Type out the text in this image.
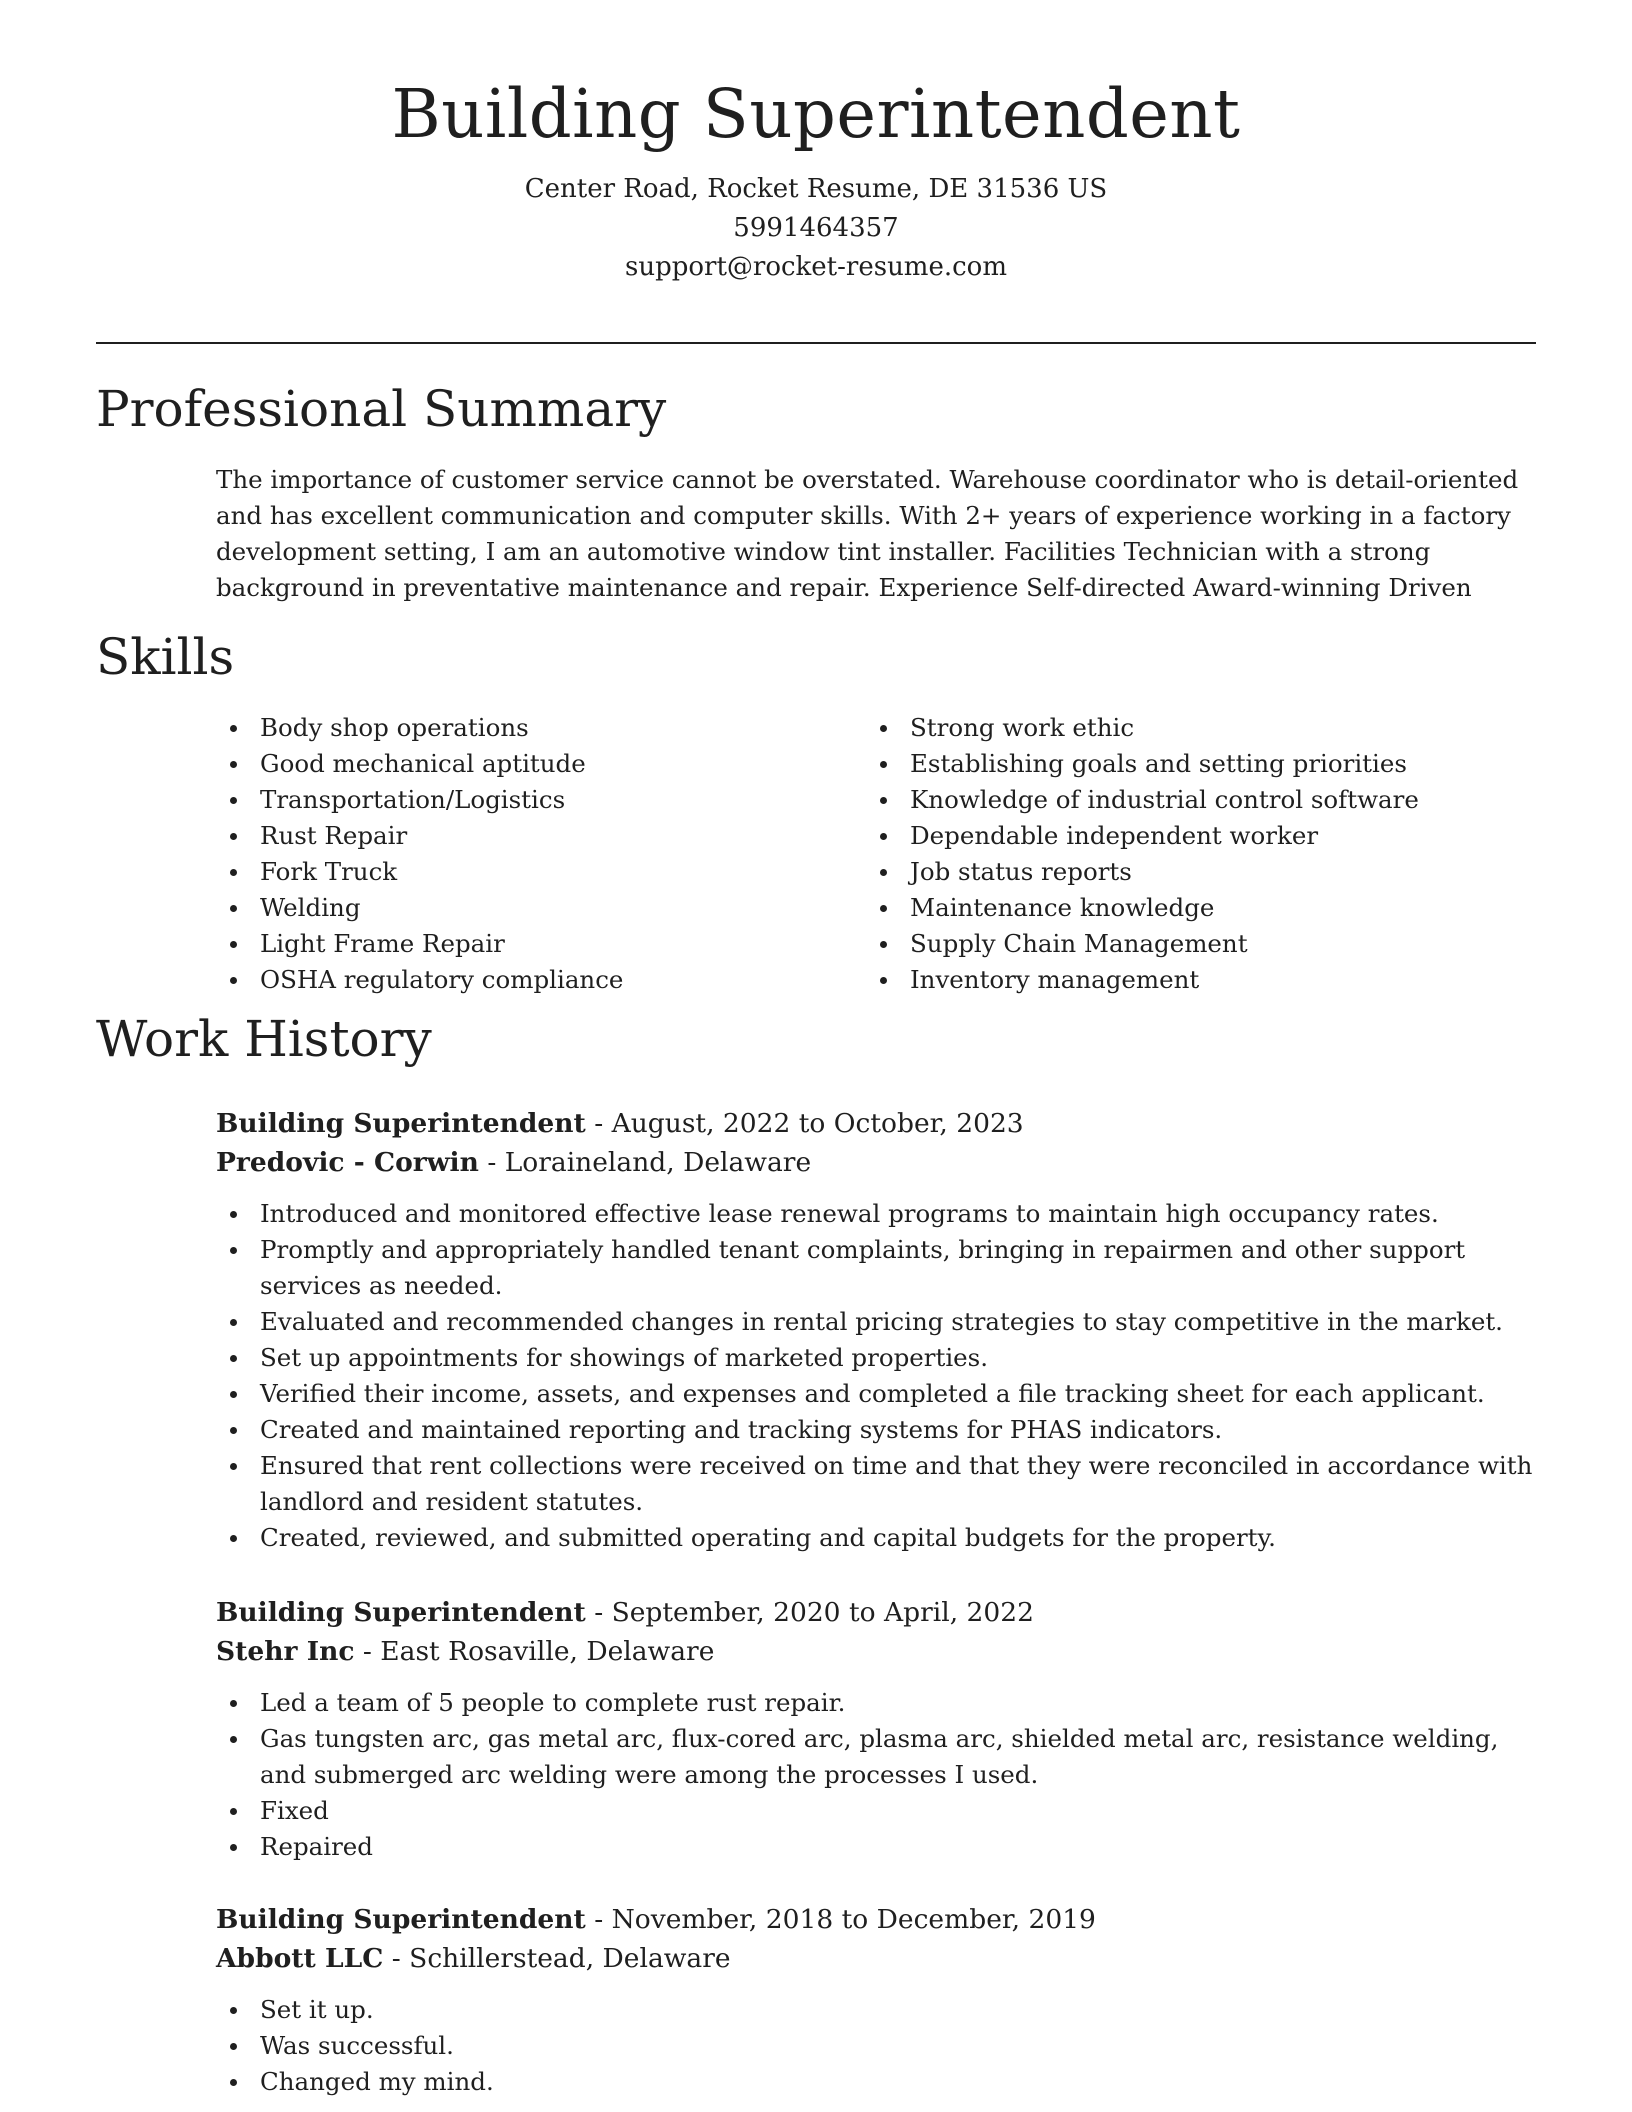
Building Superintendent
Center Road, Rocket Resume, DE 31536 US
5991464357
support@rocket-resume.com
Professional Summary

The importance of customer service cannot be overstated. Warehouse coordinator who is detail-oriented and has excellent communication and computer skills. With 2+ years of experience working in a factory development setting, I am an automotive window tint installer. Facilities Technician with a strong background in preventative maintenance and repair. Experience Self-directed Award-winning Driven

Skills
Body shop operations
Good mechanical aptitude
Transportation/Logistics
Rust Repair
Fork Truck
Welding
Light Frame Repair
OSHA regulatory compliance
Strong work ethic
Establishing goals and setting priorities
Knowledge of industrial control software
Dependable independent worker
Job status reports
Maintenance knowledge
Supply Chain Management
Inventory management
Work History
Building Superintendent - August, 2022 to October, 2023
Predovic - Corwin - Loraineland, Delaware
Introduced and monitored effective lease renewal programs to maintain high occupancy rates.
Promptly and appropriately handled tenant complaints, bringing in repairmen and other support services as needed.
Evaluated and recommended changes in rental pricing strategies to stay competitive in the market.
Set up appointments for showings of marketed properties.
Verified their income, assets, and expenses and completed a file tracking sheet for each applicant.
Created and maintained reporting and tracking systems for PHAS indicators.
Ensured that rent collections were received on time and that they were reconciled in accordance with landlord and resident statutes.
Created, reviewed, and submitted operating and capital budgets for the property.
Building Superintendent - September, 2020 to April, 2022
Stehr Inc - East Rosaville, Delaware
Led a team of 5 people to complete rust repair.
Gas tungsten arc, gas metal arc, flux-cored arc, plasma arc, shielded metal arc, resistance welding, and submerged arc welding were among the processes I used.
Fixed
Repaired
Building Superintendent - November, 2018 to December, 2019
Abbott LLC - Schillerstead, Delaware
Set it up.
Was successful.
Changed my mind.
